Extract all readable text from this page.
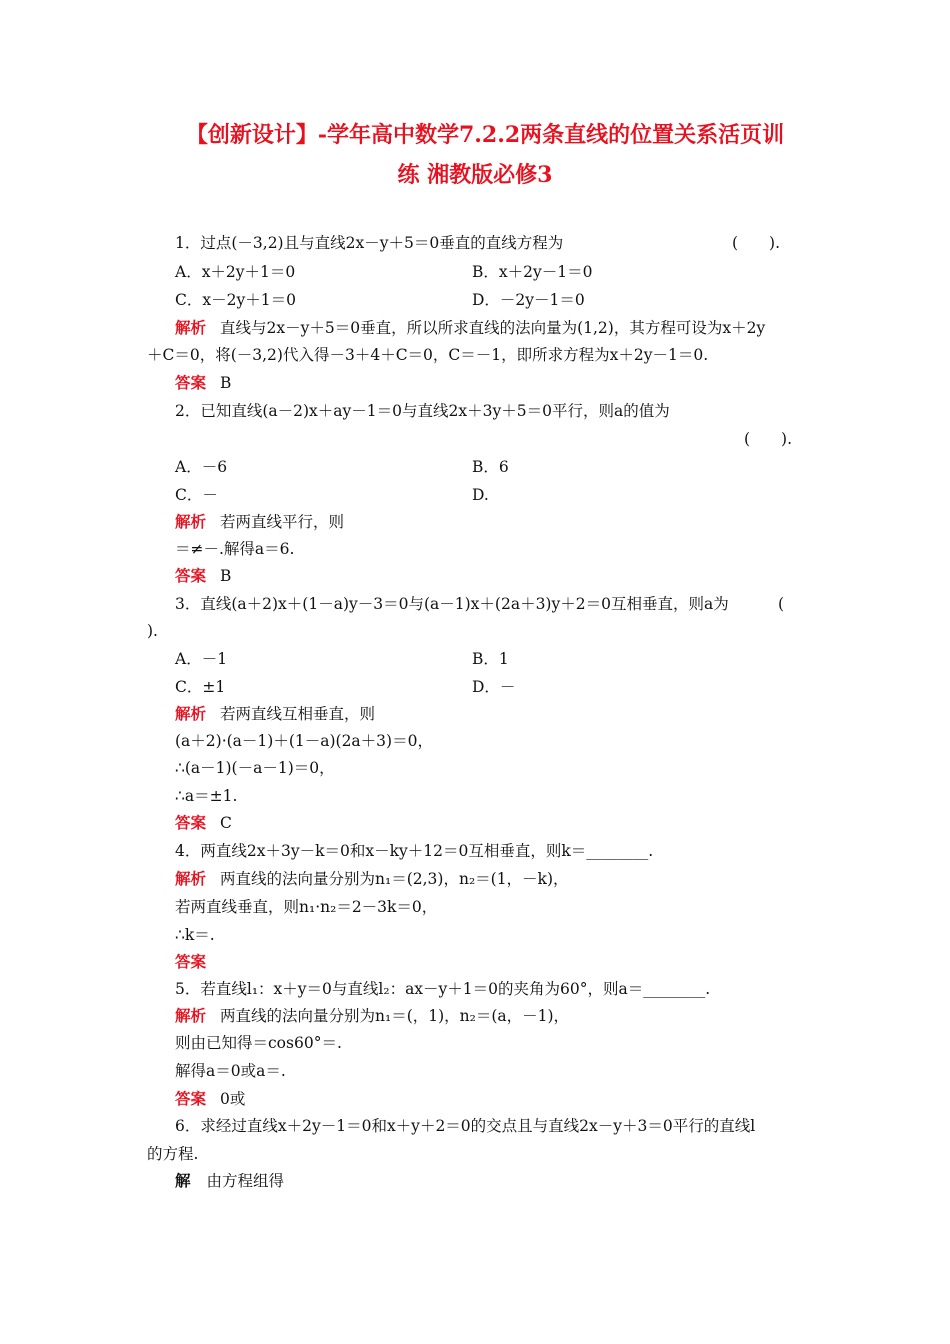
【创新设计】-学年高中数学7.2.2两条直线的位置关系活页训
练 湘教版必修3
1．过点(－3,2)且与直线2x－y＋5＝0垂直的直线方程为	(　　).
A．x＋2y＋1＝0	B．x＋2y－1＝0
C．x－2y＋1＝0	D．－2y－1＝0
解析 直线与2x－y＋5＝0垂直，所以所求直线的法向量为(1,2)，其方程可设为x＋2y
＋C＝0，将(－3,2)代入得－3＋4＋C＝0，C＝－1，即所求方程为x＋2y－1＝0.
答案 B
2．已知直线(a－2)x＋ay－1＝0与直线2x＋3y＋5＝0平行，则a的值为
(　　).
A．－6	B．6
C．－	D.
解析 若两直线平行，则
＝≠－.解得a＝6.
答案 B
3．直线(a＋2)x＋(1－a)y－3＝0与(a－1)x＋(2a＋3)y＋2＝0互相垂直，则a为	(
).
A．－1	B．1
C．±1	D．－
解析 若两直线互相垂直，则
(a＋2)·(a－1)＋(1－a)(2a＋3)＝0，
∴(a－1)(－a－1)＝0，
∴a＝±1.
答案 C
4．两直线2x＋3y－k＝0和x－ky＋12＝0互相垂直，则k＝________.
解析 两直线的法向量分别为n₁＝(2,3)，n₂＝(1，－k)，
若两直线垂直，则n₁·n₂＝2－3k＝0，
∴k＝.
答案
5．若直线l₁：x＋y＝0与直线l₂：ax－y＋1＝0的夹角为60°，则a＝________.
解析 两直线的法向量分别为n₁＝(，1)，n₂＝(a，－1)，
则由已知得＝cos60°＝.
解得a＝0或a＝.
答案 0或
6．求经过直线x＋2y－1＝0和x＋y＋2＝0的交点且与直线2x－y＋3＝0平行的直线l
的方程.
解 由方程组得
